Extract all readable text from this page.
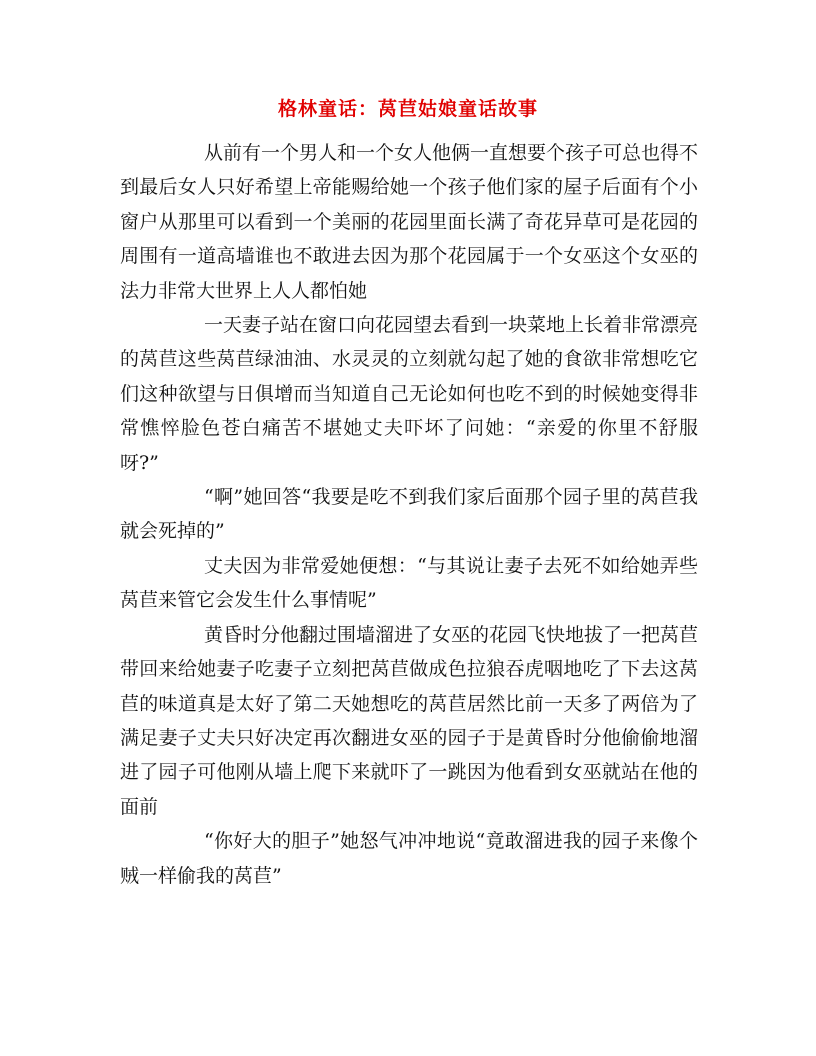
格林童话：莴苣姑娘童话故事

从前有一个男人和一个女人他俩一直想要个孩子可总也得不到最后女人只好希望上帝能赐给她一个孩子他们家的屋子后面有个小窗户从那里可以看到一个美丽的花园里面长满了奇花异草可是花园的周围有一道高墙谁也不敢进去因为那个花园属于一个女巫这个女巫的法力非常大世界上人人都怕她

一天妻子站在窗口向花园望去看到一块菜地上长着非常漂亮的莴苣这些莴苣绿油油、水灵灵的立刻就勾起了她的食欲非常想吃它们这种欲望与日俱增而当知道自己无论如何也吃不到的时候她变得非常憔悴脸色苍白痛苦不堪她丈夫吓坏了问她：“亲爱的你里不舒服呀?”

“啊”她回答“我要是吃不到我们家后面那个园子里的莴苣我就会死掉的”

丈夫因为非常爱她便想：“与其说让妻子去死不如给她弄些莴苣来管它会发生什么事情呢”

黄昏时分他翻过围墙溜进了女巫的花园飞快地拔了一把莴苣带回来给她妻子吃妻子立刻把莴苣做成色拉狼吞虎咽地吃了下去这莴苣的味道真是太好了第二天她想吃的莴苣居然比前一天多了两倍为了满足妻子丈夫只好决定再次翻进女巫的园子于是黄昏时分他偷偷地溜进了园子可他刚从墙上爬下来就吓了一跳因为他看到女巫就站在他的面前

“你好大的胆子”她怒气冲冲地说“竟敢溜进我的园子来像个贼一样偷我的莴苣”
